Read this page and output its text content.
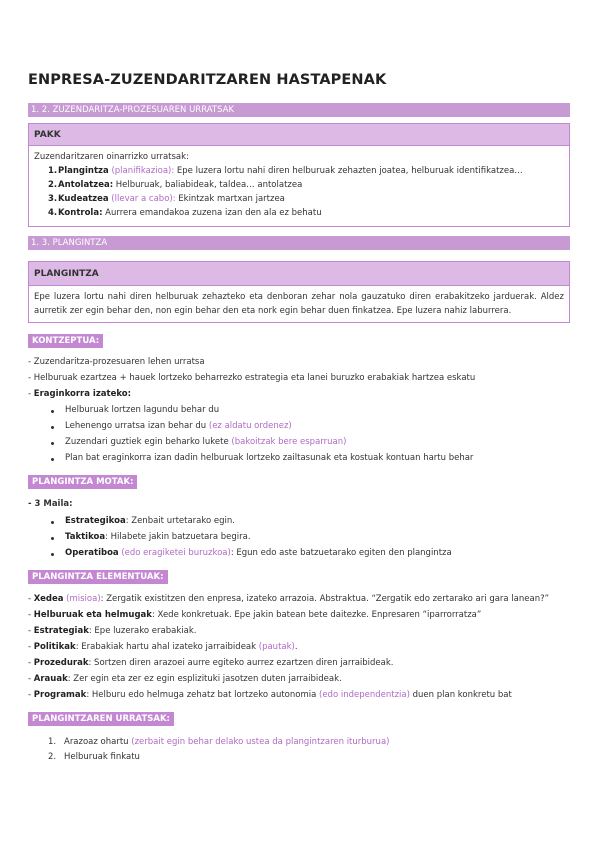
ENPRESA-ZUZENDARITZAREN HASTAPENAK
1. 2. ZUZENDARITZA-PROZESUAREN URRATSAK
PAKK
Zuzendaritzaren oinarrizko urratsak:
1. Plangintza (planifikazioa): Epe luzera lortu nahi diren helburuak zehazten joatea, helburuak identifikatzea…
2. Antolatzea: Helburuak, baliabideak, taldea… antolatzea
3. Kudeatzea (llevar a cabo): Ekintzak martxan jartzea
4. Kontrola: Aurrera emandakoa zuzena izan den ala ez behatu
1. 3. PLANGINTZA
PLANGINTZA
Epe luzera lortu nahi diren helburuak zehazteko eta denboran zehar nola gauzatuko diren erabakitzeko jarduerak. Aldez aurretik zer egin behar den, non egin behar den eta nork egin behar duen finkatzea. Epe luzera nahiz laburrera.
KONTZEPTUA:
- Zuzendaritza-prozesuaren lehen urratsa
- Helburuak ezartzea + hauek lortzeko beharrezko estrategia eta lanei buruzko erabakiak hartzea eskatu
- Eraginkorra izateko:
Helburuak lortzen lagundu behar du
Lehenengo urratsa izan behar du (ez aldatu ordenez)
Zuzendari guztiek egin beharko lukete (bakoitzak bere esparruan)
Plan bat eraginkorra izan dadin helburuak lortzeko zailtasunak eta kostuak kontuan hartu behar
PLANGINTZA MOTAK:
- 3 Maila:
Estrategikoa: Zenbait urtetarako egin.
Taktikoa: Hilabete jakin batzuetara begira.
Operatiboa (edo eragiketei buruzkoa): Egun edo aste batzuetarako egiten den plangintza
PLANGINTZA ELEMENTUAK:
- Xedea (misioa): Zergatik existitzen den enpresa, izateko arrazoia. Abstraktua. “Zergatik edo zertarako ari gara lanean?”
- Helburuak eta helmugak: Xede konkretuak. Epe jakin batean bete daitezke. Enpresaren “iparrorratza”
- Estrategiak: Epe luzerako erabakiak.
- Politikak: Erabakiak hartu ahal izateko jarraibideak (pautak).
- Prozedurak: Sortzen diren arazoei aurre egiteko aurrez ezartzen diren jarraibideak.
- Arauak: Zer egin eta zer ez egin esplizituki jasotzen duten jarraibideak.
- Programak: Helburu edo helmuga zehatz bat lortzeko autonomia (edo independentzia) duen plan konkretu bat
PLANGINTZAREN URRATSAK:
1. Arazoaz ohartu (zerbait egin behar delako ustea da plangintzaren iturburua)
2. Helburuak finkatu
